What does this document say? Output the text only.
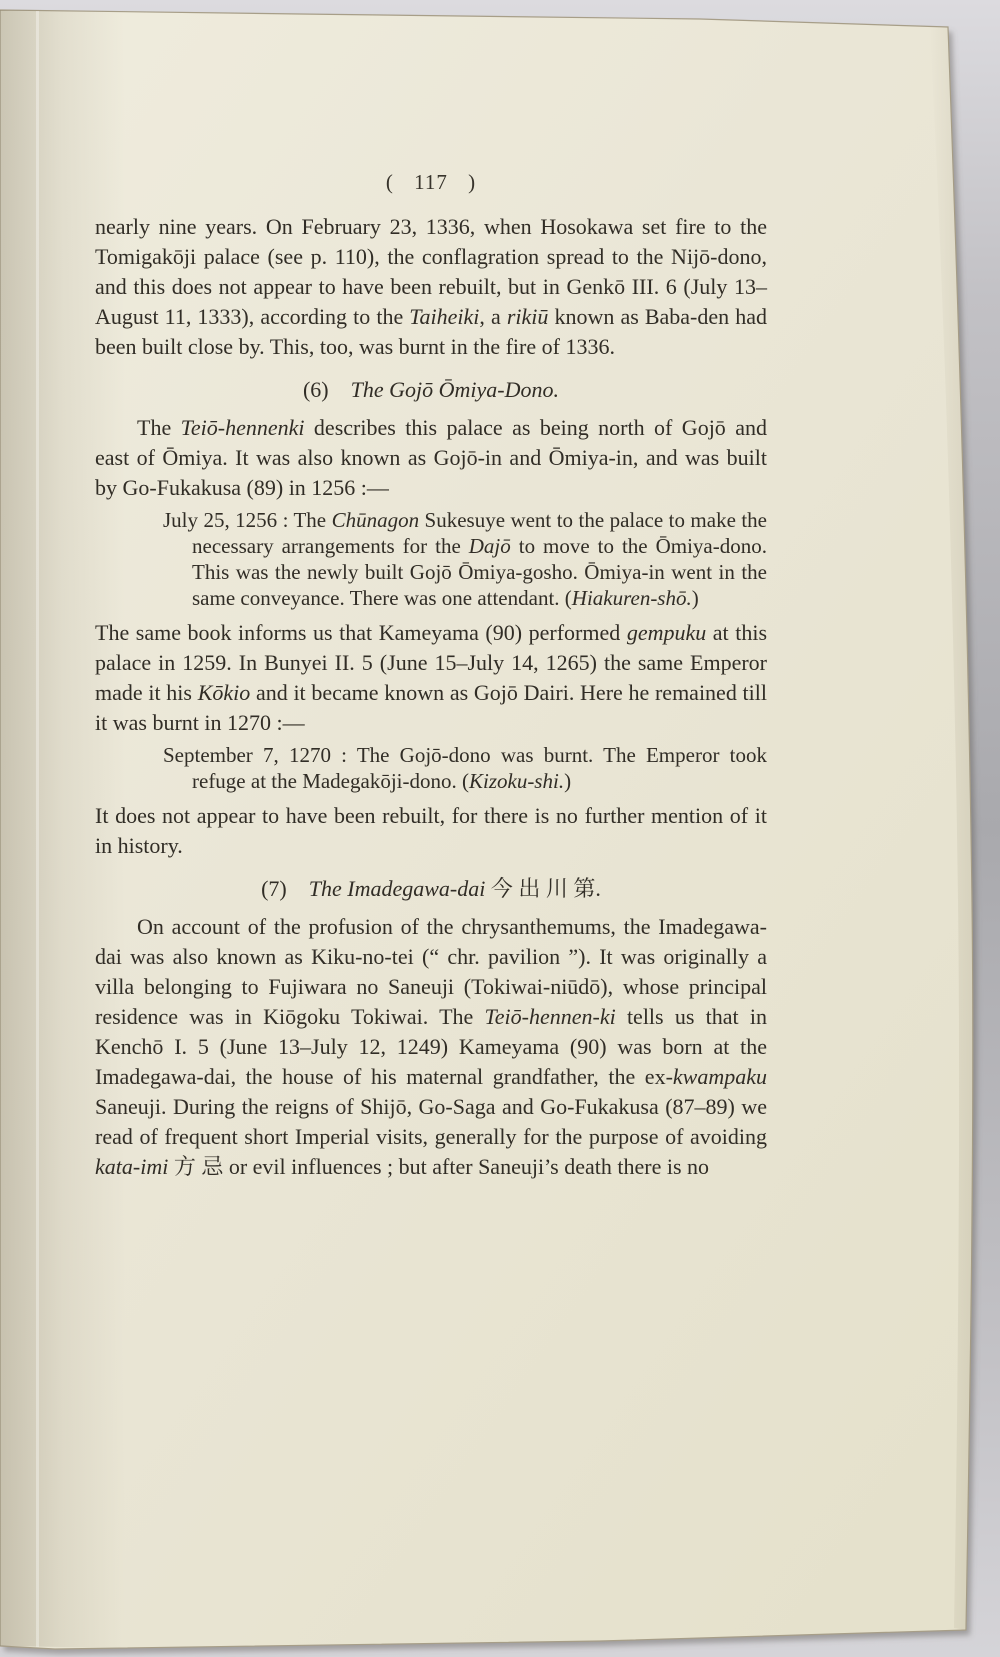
( 117 )
nearly nine years. On February 23, 1336, when Hosokawa set fire to the Tomigakōji palace (see p. 110), the conflagration spread to the Nijō-dono, and this does not appear to have been rebuilt, but in Genkō III. 6 (July 13–August 11, 1333), according to the Taiheiki, a rikiū known as Baba-den had been built close by. This, too, was burnt in the fire of 1336.
(6)  The Gojō Ōmiya-Dono.
The Teiō-hennenki describes this palace as being north of Gojō and east of Ōmiya. It was also known as Gojō-in and Ōmiya-in, and was built by Go-Fukakusa (89) in 1256 :—
July 25, 1256 : The Chūnagon Sukesuye went to the palace to make the necessary arrangements for the Dajō to move to the Ōmiya-dono. This was the newly built Gojō Ōmiya-gosho. Ōmiya-in went in the same conveyance. There was one attendant. (Hiakuren-shō.)
The same book informs us that Kameyama (90) performed gempuku at this palace in 1259. In Bunyei II. 5 (June 15–July 14, 1265) the same Emperor made it his Kōkio and it became known as Gojō Dairi. Here he remained till it was burnt in 1270 :—
September 7, 1270 : The Gojō-dono was burnt. The Emperor took refuge at the Madegakōji-dono. (Kizoku-shi.)
It does not appear to have been rebuilt, for there is no further mention of it in history.
(7)  The Imadegawa-dai 今 出 川 第.
On account of the profusion of the chrysanthemums, the Imadegawa-dai was also known as Kiku-no-tei (“ chr. pavilion ”). It was originally a villa belonging to Fujiwara no Saneuji (Tokiwai-niūdō), whose principal residence was in Kiōgoku Tokiwai. The Teiō-hennen-ki tells us that in Kenchō I. 5 (June 13–July 12, 1249) Kameyama (90) was born at the Imadegawa-dai, the house of his maternal grandfather, the ex-kwampaku Saneuji. During the reigns of Shijō, Go-Saga and Go-Fukakusa (87–89) we read of frequent short Imperial visits, generally for the purpose of avoiding kata-imi 方 忌 or evil influences ; but after Saneuji’s death there is no
